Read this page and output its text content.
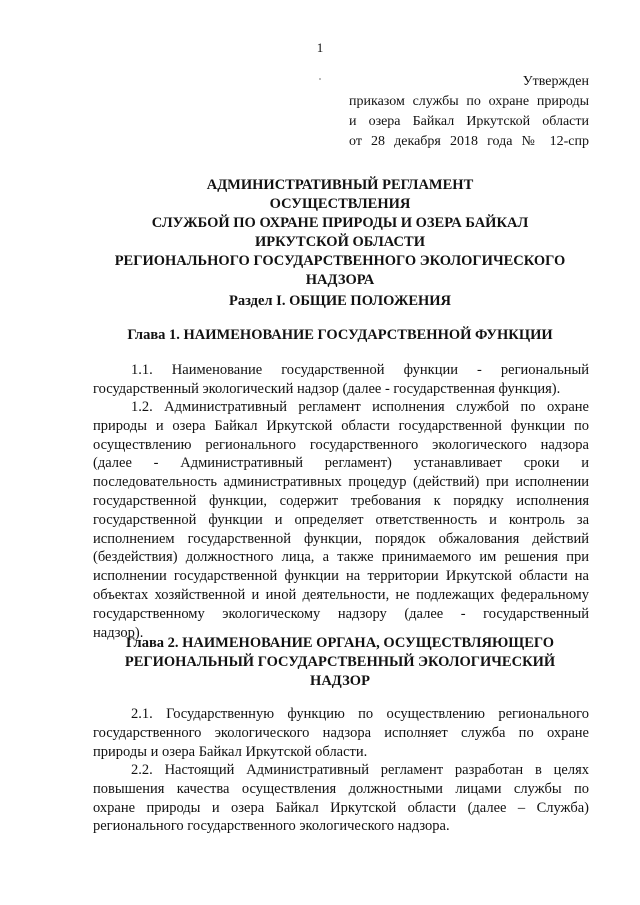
1
Утвержден
приказом службы по охране природы
и озера Байкал Иркутской области
от 28 декабря 2018 года № 12-спр
АДМИНИСТРАТИВНЫЙ РЕГЛАМЕНТ
ОСУЩЕСТВЛЕНИЯ
СЛУЖБОЙ ПО ОХРАНЕ ПРИРОДЫ И ОЗЕРА БАЙКАЛ
ИРКУТСКОЙ ОБЛАСТИ
РЕГИОНАЛЬНОГО ГОСУДАРСТВЕННОГО ЭКОЛОГИЧЕСКОГО
НАДЗОРА
Раздел I. ОБЩИЕ ПОЛОЖЕНИЯ
Глава 1. НАИМЕНОВАНИЕ ГОСУДАРСТВЕННОЙ ФУНКЦИИ
1.1. Наименование государственной функции - региональный
государственный экологический надзор (далее - государственная функция).
1.2. Административный регламент исполнения службой по охране
природы и озера Байкал Иркутской области государственной функции по
осуществлению регионального государственного экологического надзора
(далее - Административный регламент) устанавливает сроки и
последовательность административных процедур (действий) при исполнении
государственной функции, содержит требования к порядку исполнения
государственной функции и определяет ответственность и контроль за
исполнением государственной функции, порядок обжалования действий
(бездействия) должностного лица, а также принимаемого им решения при
исполнении государственной функции на территории Иркутской области на
объектах хозяйственной и иной деятельности, не подлежащих федеральному
государственному экологическому надзору (далее - государственный
надзор).
Глава 2. НАИМЕНОВАНИЕ ОРГАНА, ОСУЩЕСТВЛЯЮЩЕГО
РЕГИОНАЛЬНЫЙ ГОСУДАРСТВЕННЫЙ ЭКОЛОГИЧЕСКИЙ
НАДЗОР
2.1. Государственную функцию по осуществлению регионального
государственного экологического надзора исполняет служба по охране
природы и озера Байкал Иркутской области.
2.2. Настоящий Административный регламент разработан в целях
повышения качества осуществления должностными лицами службы по
охране природы и озера Байкал Иркутской области (далее – Служба)
регионального государственного экологического надзора.
